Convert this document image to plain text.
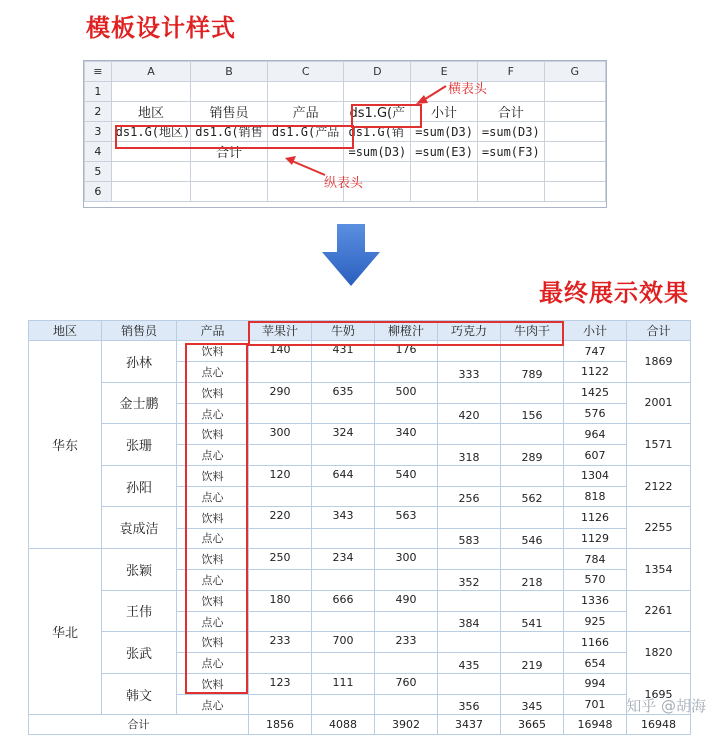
模板设计样式
最终展示效果
≡	A	B	C	D	E	F	G
1							
2	地区	销售员	产品	ds1.G(产	小计	合计	
3	ds1.G(地区)	ds1.G(销售	ds1.G(产品	ds1.G(销	=sum(D3)	=sum(D3)	
4		合计		=sum(D3)	=sum(E3)	=sum(F3)	
5							
6							
横表头
纵表头
地区	销售员	产品	苹果汁	牛奶	柳橙汁	巧克力	牛肉干	小计	合计
华东	孙林	饮料	140	431	176			747	1869
		点心				333	789	1122	
	金士鹏	饮料	290	635	500			1425	2001
		点心				420	156	576	
	张珊	饮料	300	324	340			964	1571
		点心				318	289	607	
	孙阳	饮料	120	644	540			1304	2122
		点心				256	562	818	
	袁成洁	饮料	220	343	563			1126	2255
		点心				583	546	1129	
华北	张颖	饮料	250	234	300			784	1354
		点心				352	218	570	
	王伟	饮料	180	666	490			1336	2261
		点心				384	541	925	
	张武	饮料	233	700	233			1166	1820
		点心				435	219	654	
	韩文	饮料	123	111	760			994	1695
		点心				356	345	701	
合计			1856	4088	3902	3437	3665	16948	16948
知乎 @胡海
